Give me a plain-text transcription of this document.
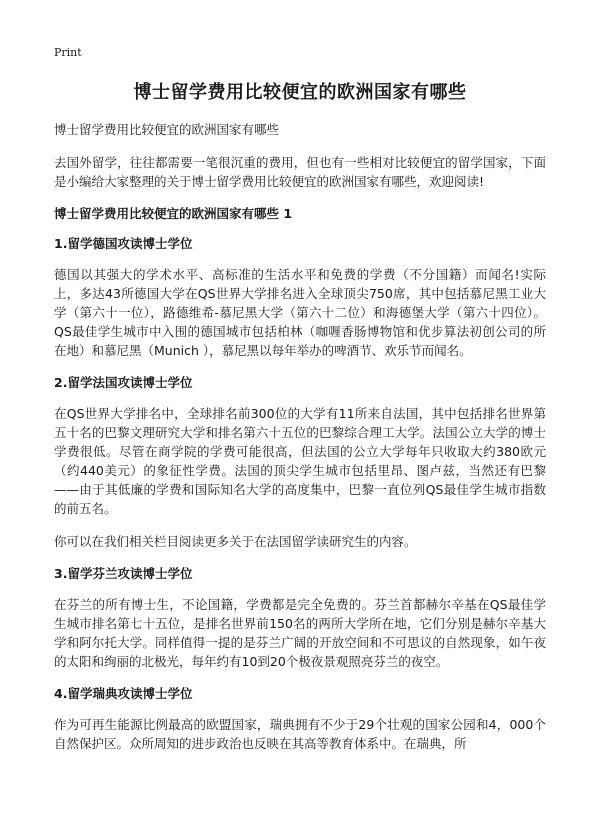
Print
博士留学费用比较便宜的欧洲国家有哪些

博士留学费用比较便宜的欧洲国家有哪些

去国外留学，往往都需要一笔很沉重的费用，但也有一些相对比较便宜的留学国家，下面是小编给大家整理的关于博士留学费用比较便宜的欧洲国家有哪些，欢迎阅读!

博士留学费用比较便宜的欧洲国家有哪些 1
1.留学德国攻读博士学位

德国以其强大的学术水平、高标准的生活水平和免费的学费（不分国籍）而闻名!实际上，多达43所德国大学在QS世界大学排名进入全球顶尖750席，其中包括慕尼黑工业大学（第六十一位），路德维希-慕尼黑大学（第六十二位）和海德堡大学（第六十四位）。QS最佳学生城市中入围的德国城市包括柏林（咖喱香肠博物馆和优步算法初创公司的所在地）和慕尼黑（Munich ），慕尼黑以每年举办的啤酒节、欢乐节而闻名。

2.留学法国攻读博士学位

在QS世界大学排名中，全球排名前300位的大学有11所来自法国，其中包括排名世界第五十名的巴黎文理研究大学和排名第六十五位的巴黎综合理工大学。法国公立大学的博士学费很低。尽管在商学院的学费可能很高，但法国的公立大学每年只收取大约380欧元（约440美元）的象征性学费。法国的顶尖学生城市包括里昂、图卢兹，当然还有巴黎——由于其低廉的学费和国际知名大学的高度集中，巴黎一直位列QS最佳学生城市指数的前五名。

你可以在我们相关栏目阅读更多关于在法国留学读研究生的内容。

3.留学芬兰攻读博士学位

在芬兰的所有博士生，不论国籍，学费都是完全免费的。芬兰首都赫尔辛基在QS最佳学生城市排名第七十五位，是排名世界前150名的两所大学所在地，它们分别是赫尔辛基大学和阿尔托大学。同样值得一提的是芬兰广阔的开放空间和不可思议的自然现象，如午夜的太阳和绚丽的北极光，每年约有10到20个极夜景观照亮芬兰的夜空。

4.留学瑞典攻读博士学位

作为可再生能源比例最高的欧盟国家，瑞典拥有不少于29个壮观的国家公园和4，000个自然保护区。众所周知的进步政治也反映在其高等教育体系中。在瑞典，所
